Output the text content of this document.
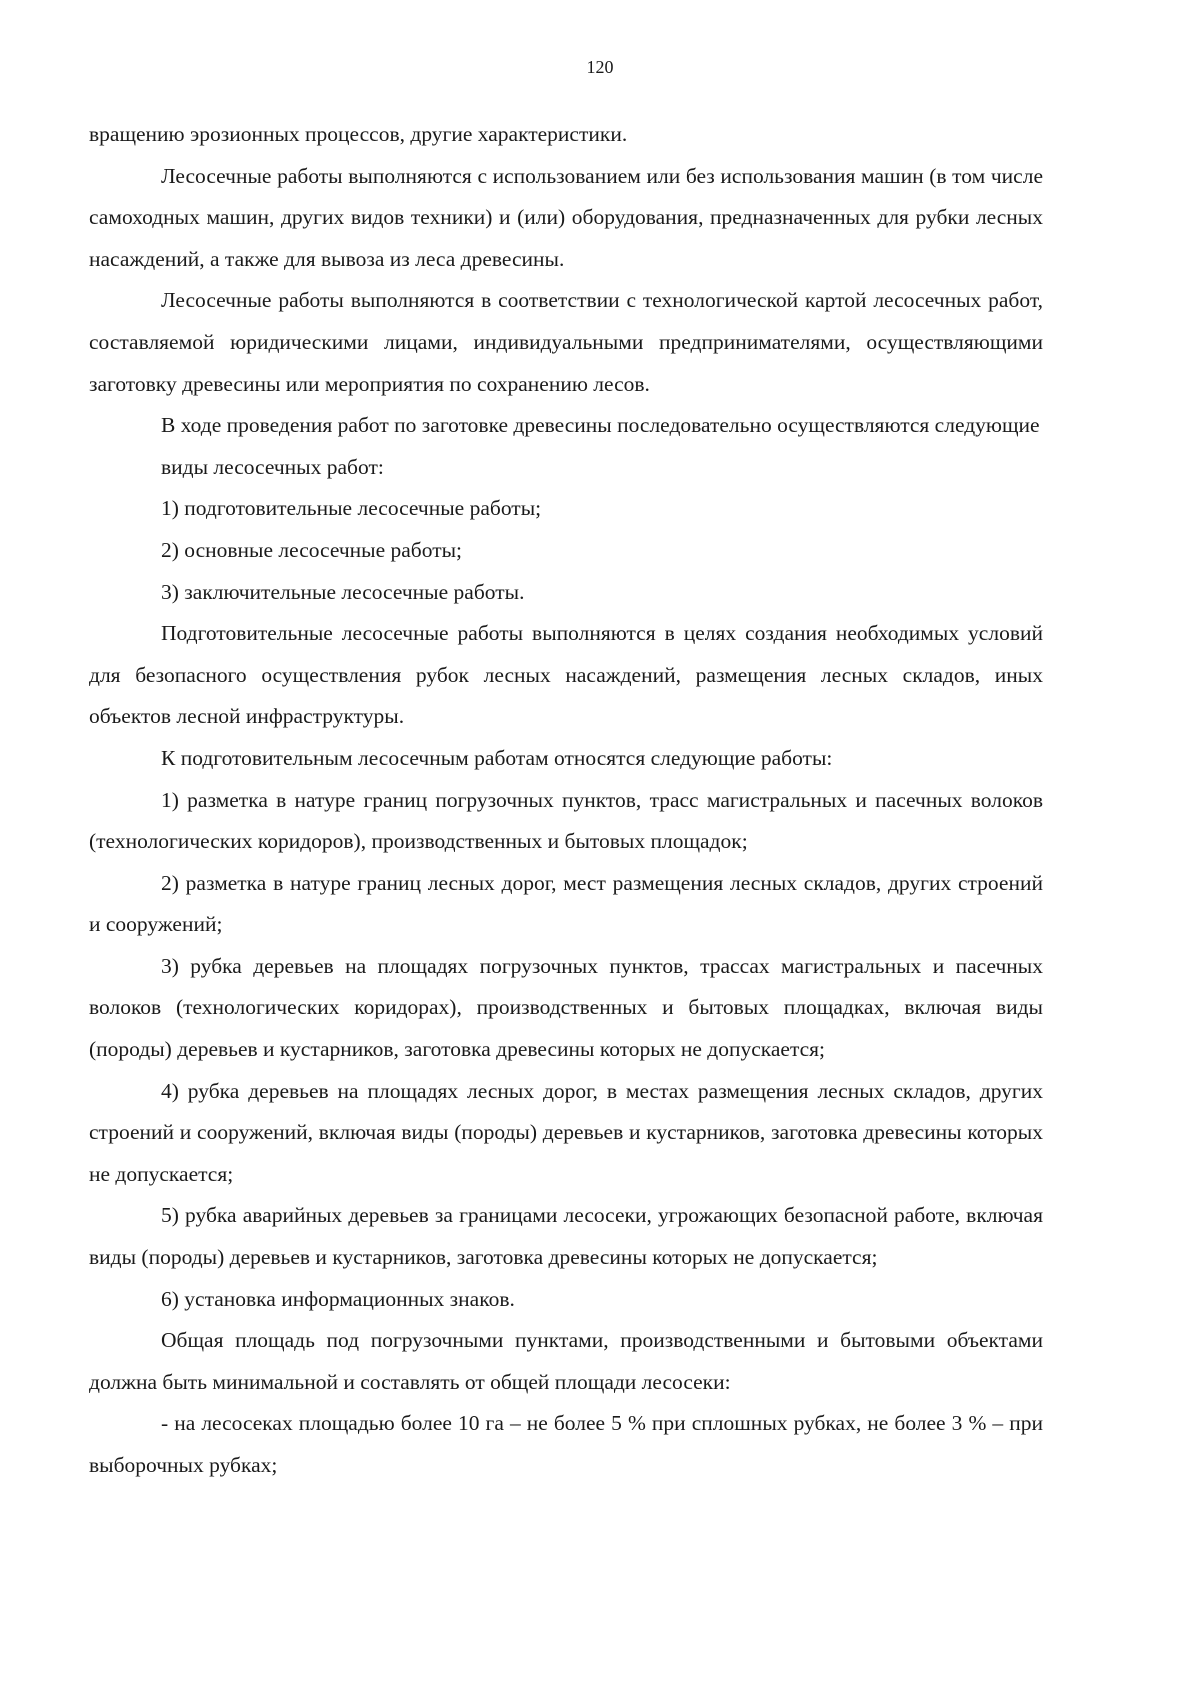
120

вращению эрозионных процессов, другие характеристики.

Лесосечные работы выполняются с использованием или без использования машин (в том числе самоходных машин, других видов техники) и (или) оборудования, предназначенных для рубки лесных насаждений, а также для вывоза из леса древесины.

Лесосечные работы выполняются в соответствии с технологической картой лесосечных работ, составляемой юридическими лицами, индивидуальными предпринимателями, осуществляющими заготовку древесины или мероприятия по сохранению лесов.

В ходе проведения работ по заготовке древесины последовательно осуществляются следующие виды лесосечных работ:

1) подготовительные лесосечные работы;

2) основные лесосечные работы;

3) заключительные лесосечные работы.

Подготовительные лесосечные работы выполняются в целях создания необходимых условий для безопасного осуществления рубок лесных насаждений, размещения лесных складов, иных объектов лесной инфраструктуры.

К подготовительным лесосечным работам относятся следующие работы:

1) разметка в натуре границ погрузочных пунктов, трасс магистральных и пасечных волоков (технологических коридоров), производственных и бытовых площадок;

2) разметка в натуре границ лесных дорог, мест размещения лесных складов, других строений и сооружений;

3) рубка деревьев на площадях погрузочных пунктов, трассах магистральных и пасечных волоков (технологических коридорах), производственных и бытовых площадках, включая виды (породы) деревьев и кустарников, заготовка древесины которых не допускается;

4) рубка деревьев на площадях лесных дорог, в местах размещения лесных складов, других строений и сооружений, включая виды (породы) деревьев и кустарников, заготовка древесины которых не допускается;

5) рубка аварийных деревьев за границами лесосеки, угрожающих безопасной работе, включая виды (породы) деревьев и кустарников, заготовка древесины которых не допускается;

6) установка информационных знаков.

Общая площадь под погрузочными пунктами, производственными и бытовыми объектами должна быть минимальной и составлять от общей площади лесосеки:

- на лесосеках площадью более 10 га – не более 5 % при сплошных рубках, не более 3 % – при выборочных рубках;
